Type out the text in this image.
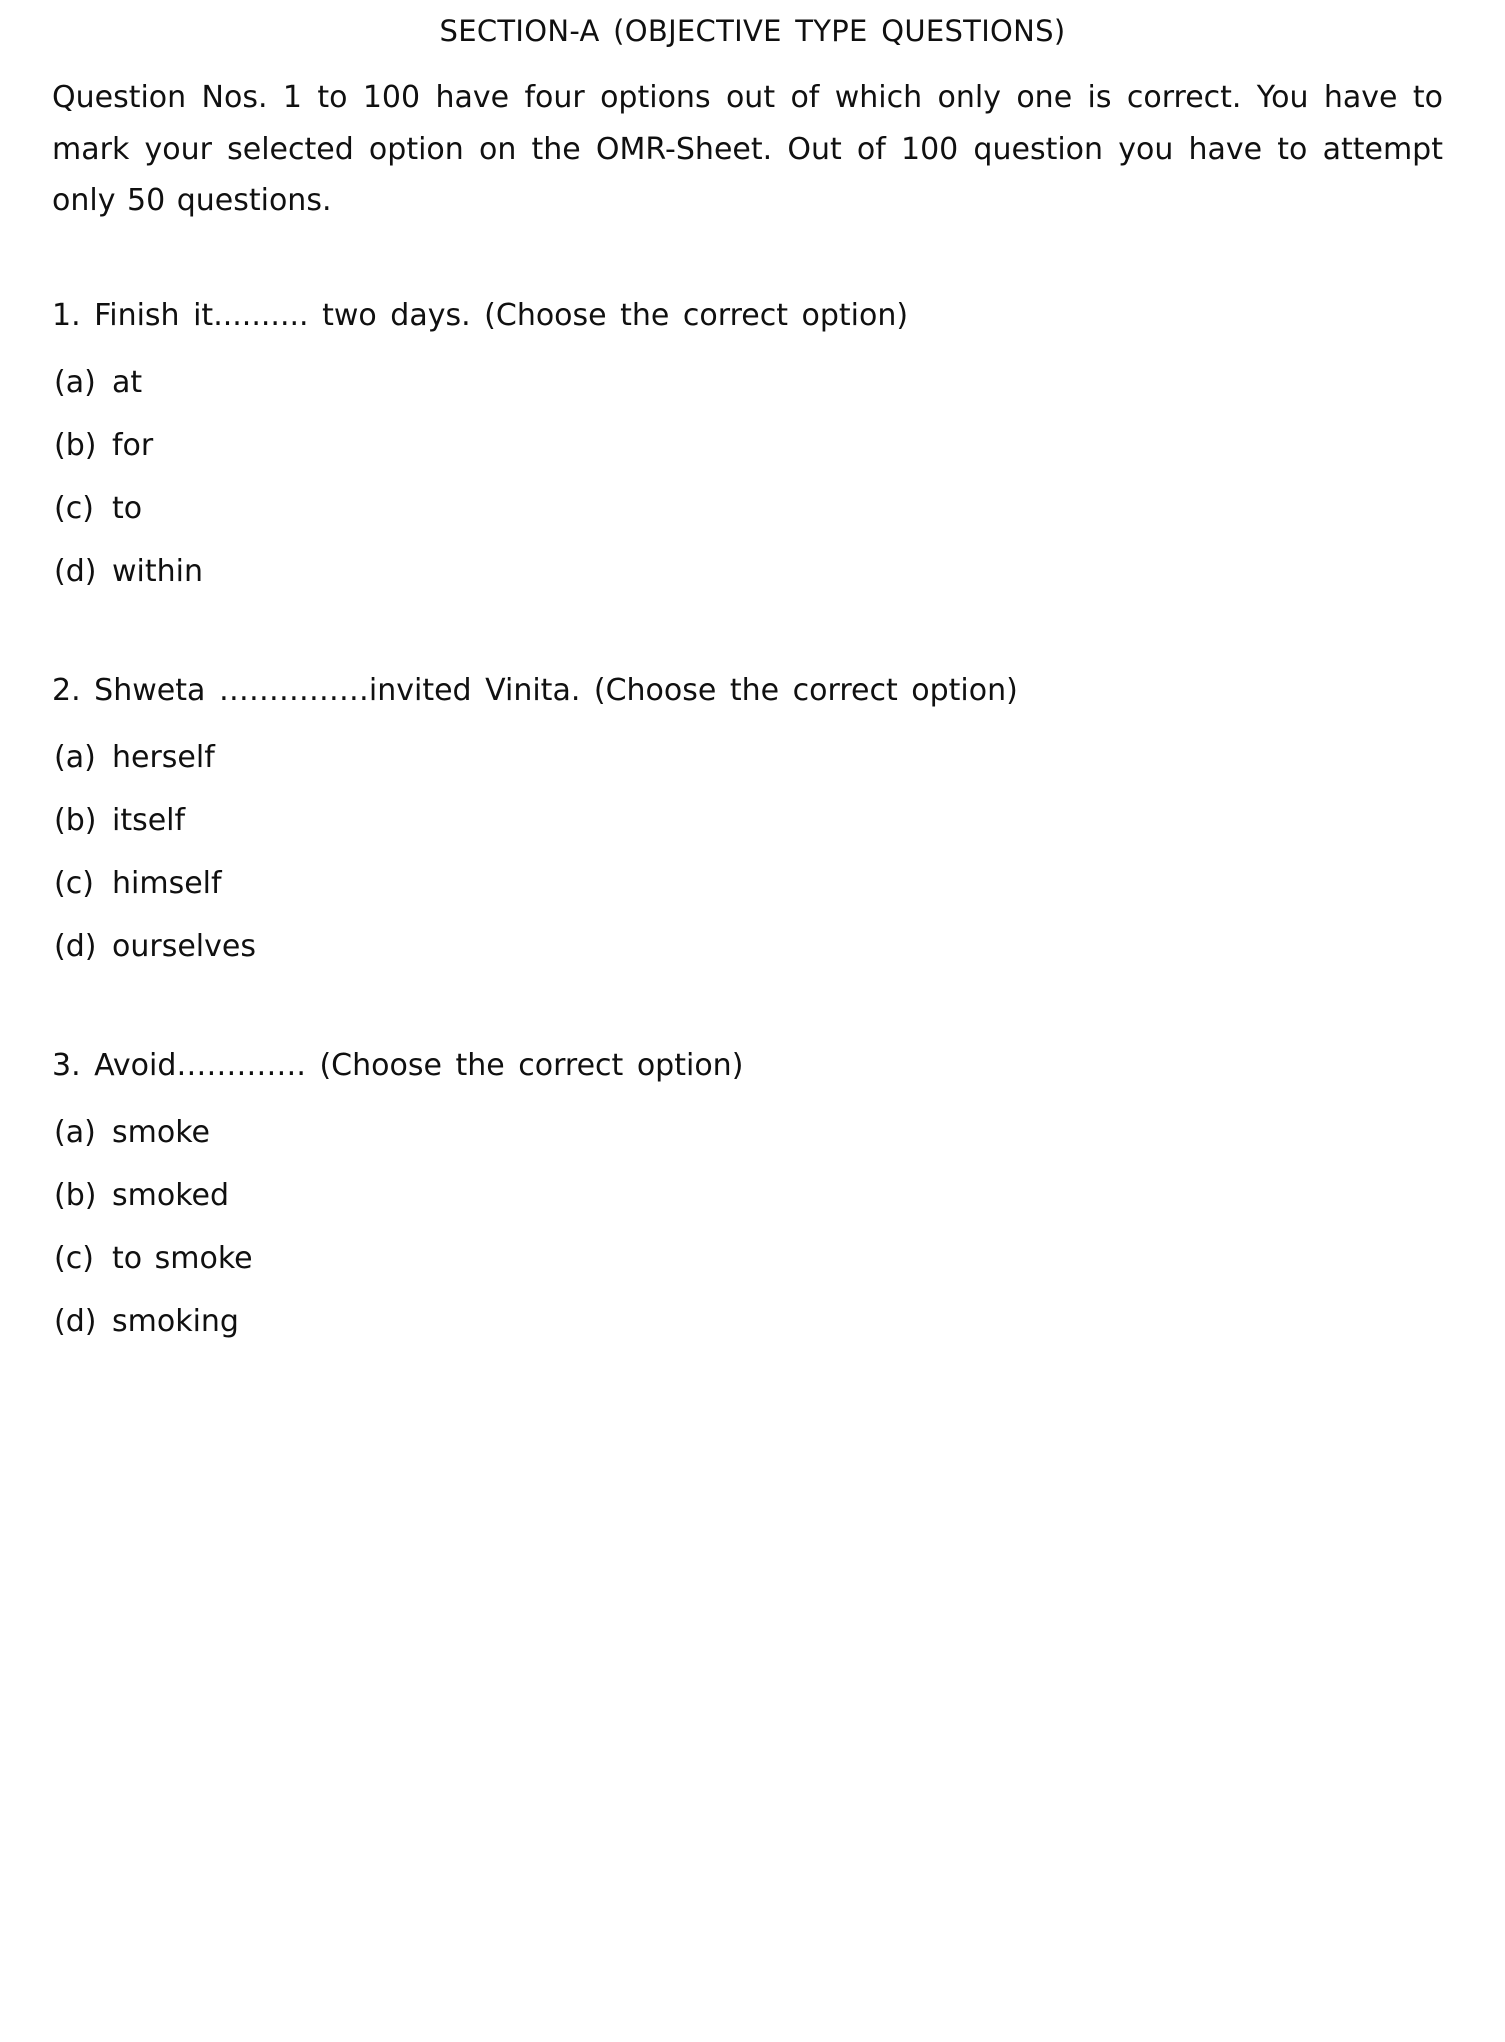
SECTION-A (OBJECTIVE TYPE QUESTIONS)
Question Nos. 1 to 100 have four options out of which only one is correct. You have to mark your selected option on the OMR-Sheet. Out of 100 question you have to attempt only 50 questions.
1. Finish it.......... two days. (Choose the correct option)
(a) at
(b) for
(c) to
(d) within
2. Shweta ……………invited Vinita. (Choose the correct option)
(a) herself
(b) itself
(c) himself
(d) ourselves
3. Avoid…………. (Choose the correct option)
(a) smoke
(b) smoked
(c) to smoke
(d) smoking
